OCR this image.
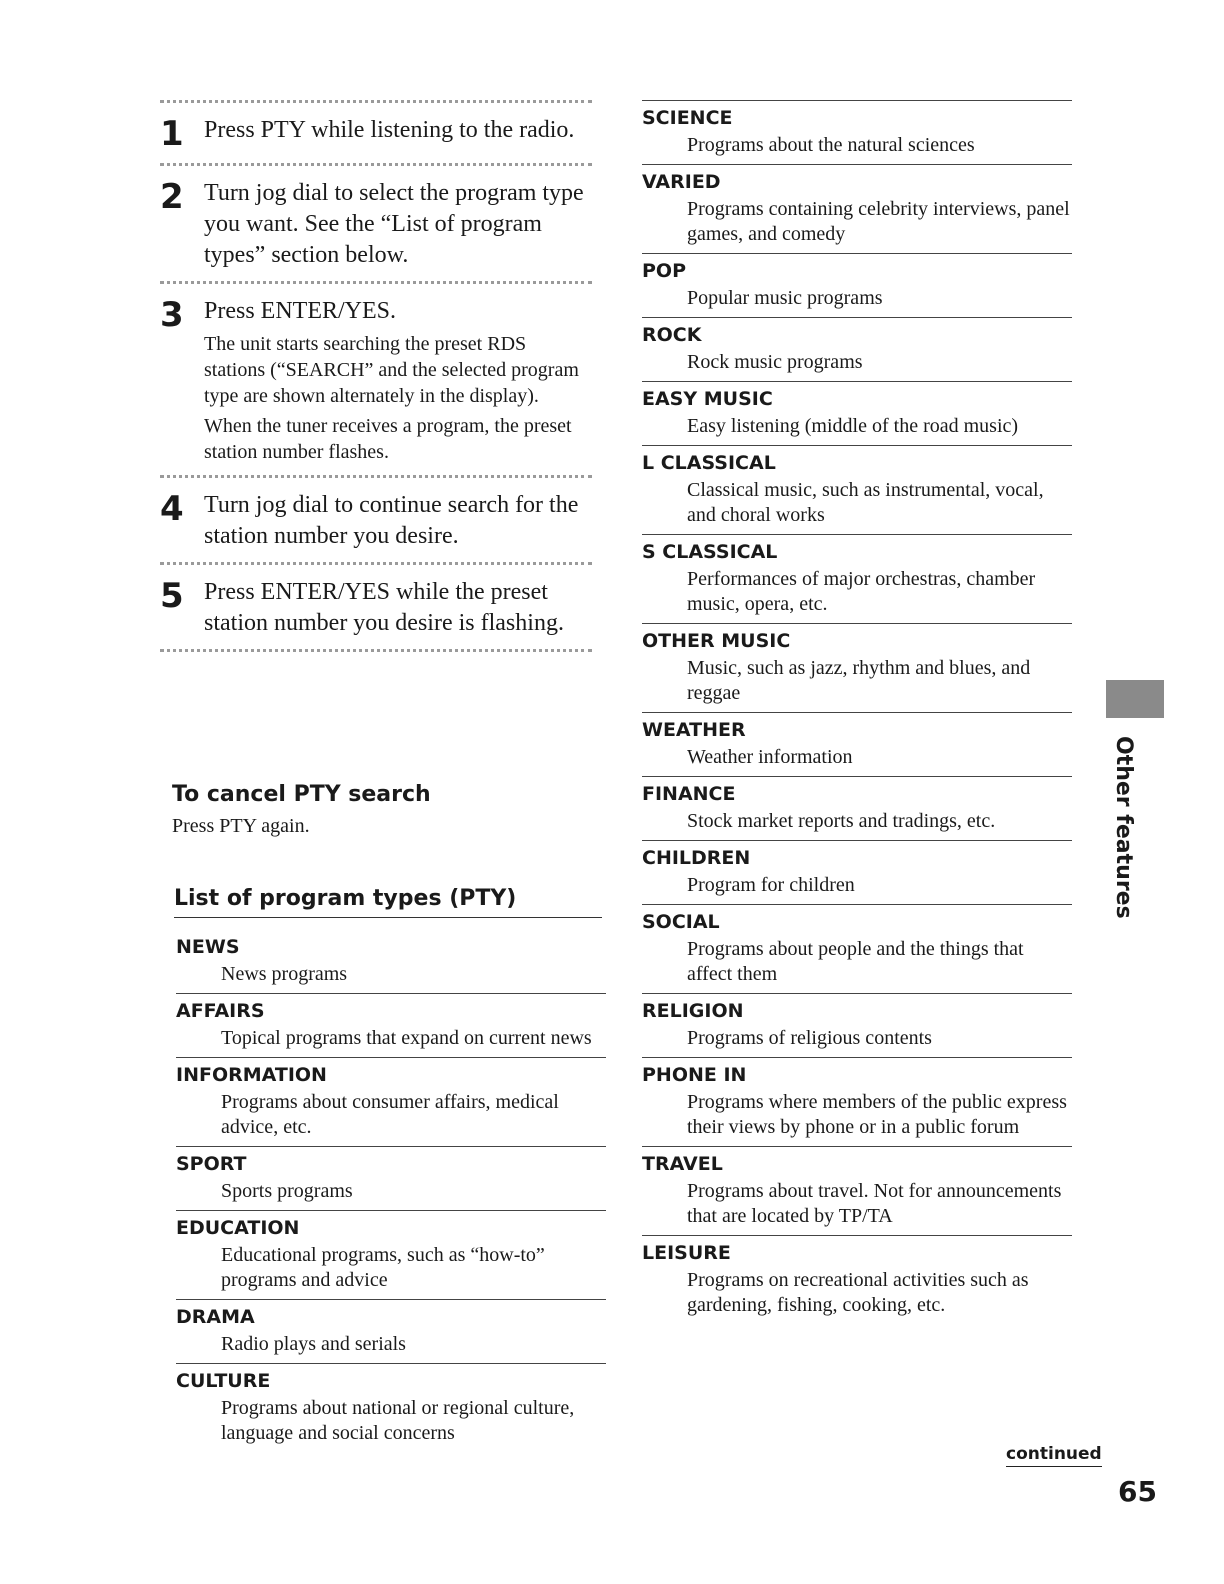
1 Press PTY while listening to the radio.
2 Turn jog dial to select the program type you want. See the “List of program types” section below.
3 Press ENTER/YES.
The unit starts searching the preset RDS stations (“SEARCH” and the selected program type are shown alternately in the display).
When the tuner receives a program, the preset station number flashes.
4 Turn jog dial to continue search for the station number you desire.
5 Press ENTER/YES while the preset station number you desire is flashing.
To cancel PTY search

Press PTY again.

List of program types (PTY)
NEWS
News programs
AFFAIRS
Topical programs that expand on current news
INFORMATION
Programs about consumer affairs, medical advice, etc.
SPORT
Sports programs
EDUCATION
Educational programs, such as “how-to” programs and advice
DRAMA
Radio plays and serials
CULTURE
Programs about national or regional culture, language and social concerns
SCIENCE
Programs about the natural sciences
VARIED
Programs containing celebrity interviews, panel games, and comedy
POP
Popular music programs
ROCK
Rock music programs
EASY MUSIC
Easy listening (middle of the road music)
L CLASSICAL
Classical music, such as instrumental, vocal, and choral works
S CLASSICAL
Performances of major orchestras, chamber music, opera, etc.
OTHER MUSIC
Music, such as jazz, rhythm and blues, and reggae
WEATHER
Weather information
FINANCE
Stock market reports and tradings, etc.
CHILDREN
Program for children
SOCIAL
Programs about people and the things that affect them
RELIGION
Programs of religious contents
PHONE IN
Programs where members of the public express their views by phone or in a public forum
TRAVEL
Programs about travel. Not for announcements that are located by TP/TA
LEISURE
Programs on recreational activities such as gardening, fishing, cooking, etc.
Other features
continued
65
